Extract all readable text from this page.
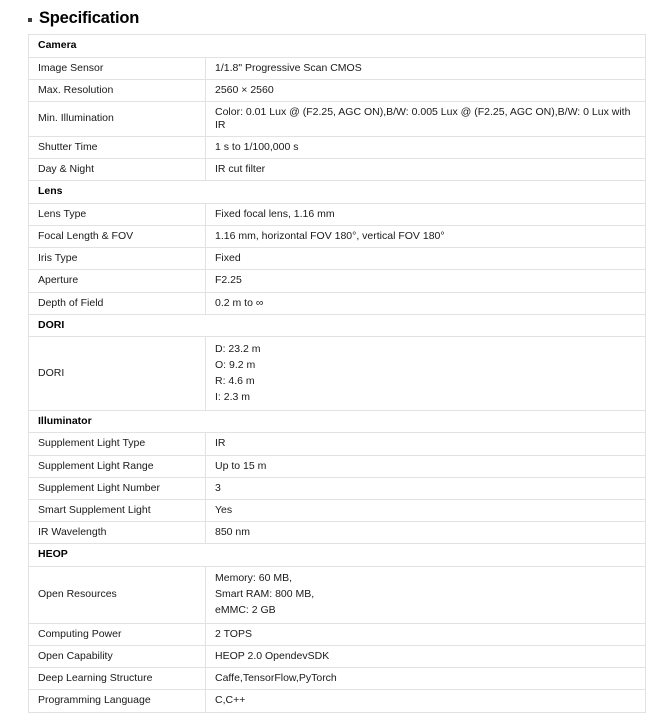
Specification
Camera	

Image Sensor	1/1.8" Progressive Scan CMOS

Max. Resolution	2560 × 2560

Min. Illumination	Color: 0.01 Lux @ (F2.25, AGC ON),B/W: 0.005 Lux @ (F2.25, AGC ON),B/W: 0 Lux with IR

Shutter Time	1 s to 1/100,000 s

Day & Night	IR cut filter

Lens	

Lens Type	Fixed focal lens, 1.16 mm

Focal Length & FOV	1.16 mm, horizontal FOV 180°, vertical FOV 180°

Iris Type	Fixed

Aperture	F2.25

Depth of Field	0.2 m to ∞

DORI	

DORI	D: 23.2 m
O: 9.2 m
R: 4.6 m
I: 2.3 m

Illuminator	

Supplement Light Type	IR

Supplement Light Range	Up to 15 m

Supplement Light Number	3

Smart Supplement Light	Yes

IR Wavelength	850 nm

HEOP	

Open Resources	Memory: 60 MB,
Smart RAM: 800 MB,
eMMC: 2 GB

Computing Power	2 TOPS

Open Capability	HEOP 2.0 OpendevSDK

Deep Learning Structure	Caffe,TensorFlow,PyTorch

Programming Language	C,C++
